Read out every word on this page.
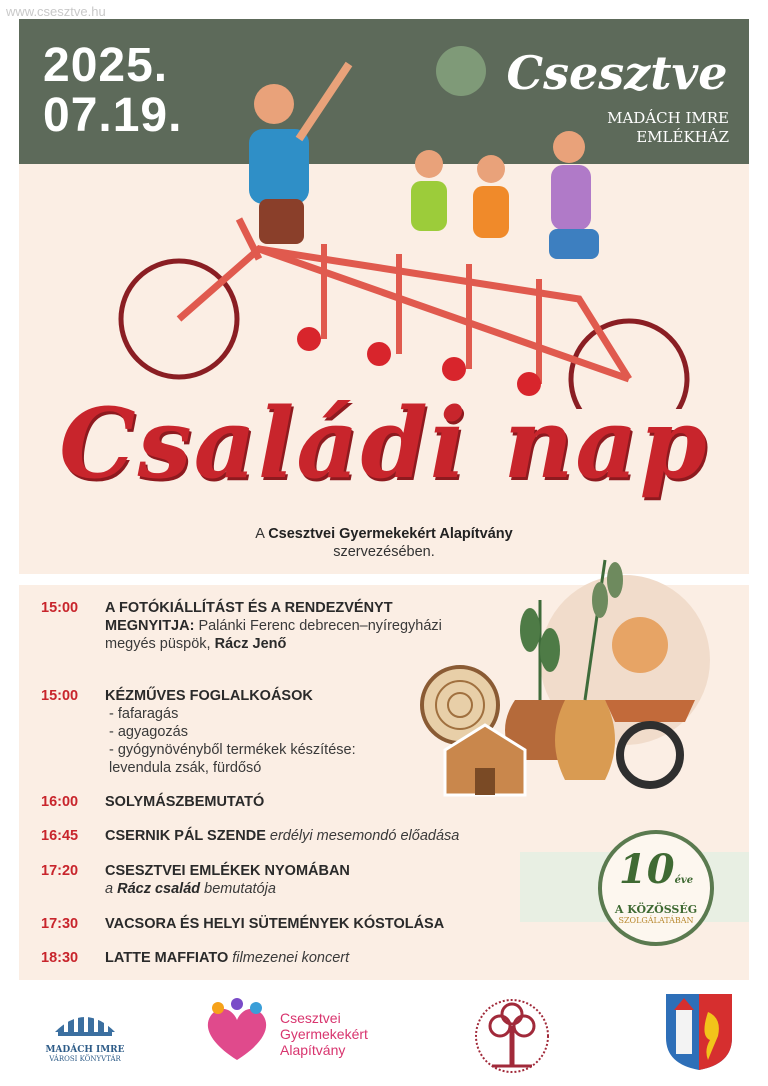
www.csesztve.hu
2025.
07.19.
Csesztve
MADÁCH IMRE
EMLÉKHÁZ
Családi nap
A Csesztvei Gyermekekért Alapítvány
szervezésében.
15:00 A FOTÓKIÁLLÍTÁST ÉS A RENDEZVÉNYT MEGNYITJA: Palánki Ferenc debrecen–nyíregyházi megyés püspök, Rácz Jenő
15:00 KÉZMŰVES FOGLALKOÁSOK
- fafaragás
- agyagozás
- gyógynövényből termékek készítése:
levendula zsák, fürdősó
16:00 SOLYMÁSZBEMUTATÓ
16:45 CSERNIK PÁL SZENDE erdélyi mesemondó előadása
17:20 CSESZTVEI EMLÉKEK NYOMÁBAN
a Rácz család bemutatója
17:30 VACSORA ÉS HELYI SÜTEMÉNYEK KÓSTOLÁSA
18:30 LATTE MAFFIATO filmezenei koncert
10éve
A KÖZÖSSÉG
SZOLGÁLATÁBAN
MADÁCH IMRE
VÁROSI KÖNYVTÁR
Csesztvei
Gyermekekért
Alapítvány
